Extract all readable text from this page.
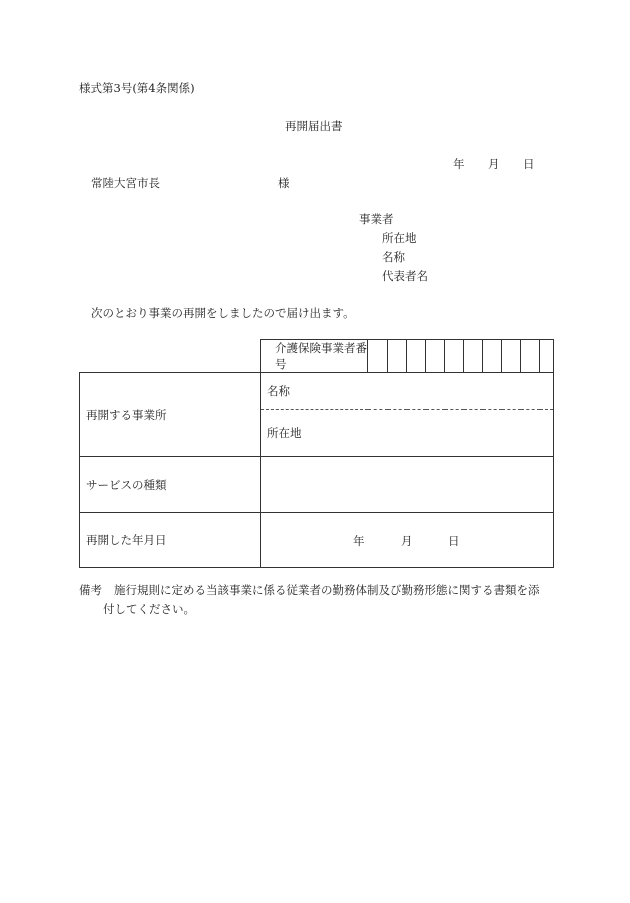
様式第3号(第4条関係)
再開届出書
年 月 日
常陸大宮市長	様
事業者
所在地
名称
代表者名
次のとおり事業の再開をしましたので届け出ます。
	介護保険事業者番号										
再開する事業所	名称										
	所在地										
サービスの種類											
再開した年月日	年 月 日										
備考 施行規則に定める当該事業に係る従業者の勤務体制及び勤務形態に関する書類を添
付してください。
